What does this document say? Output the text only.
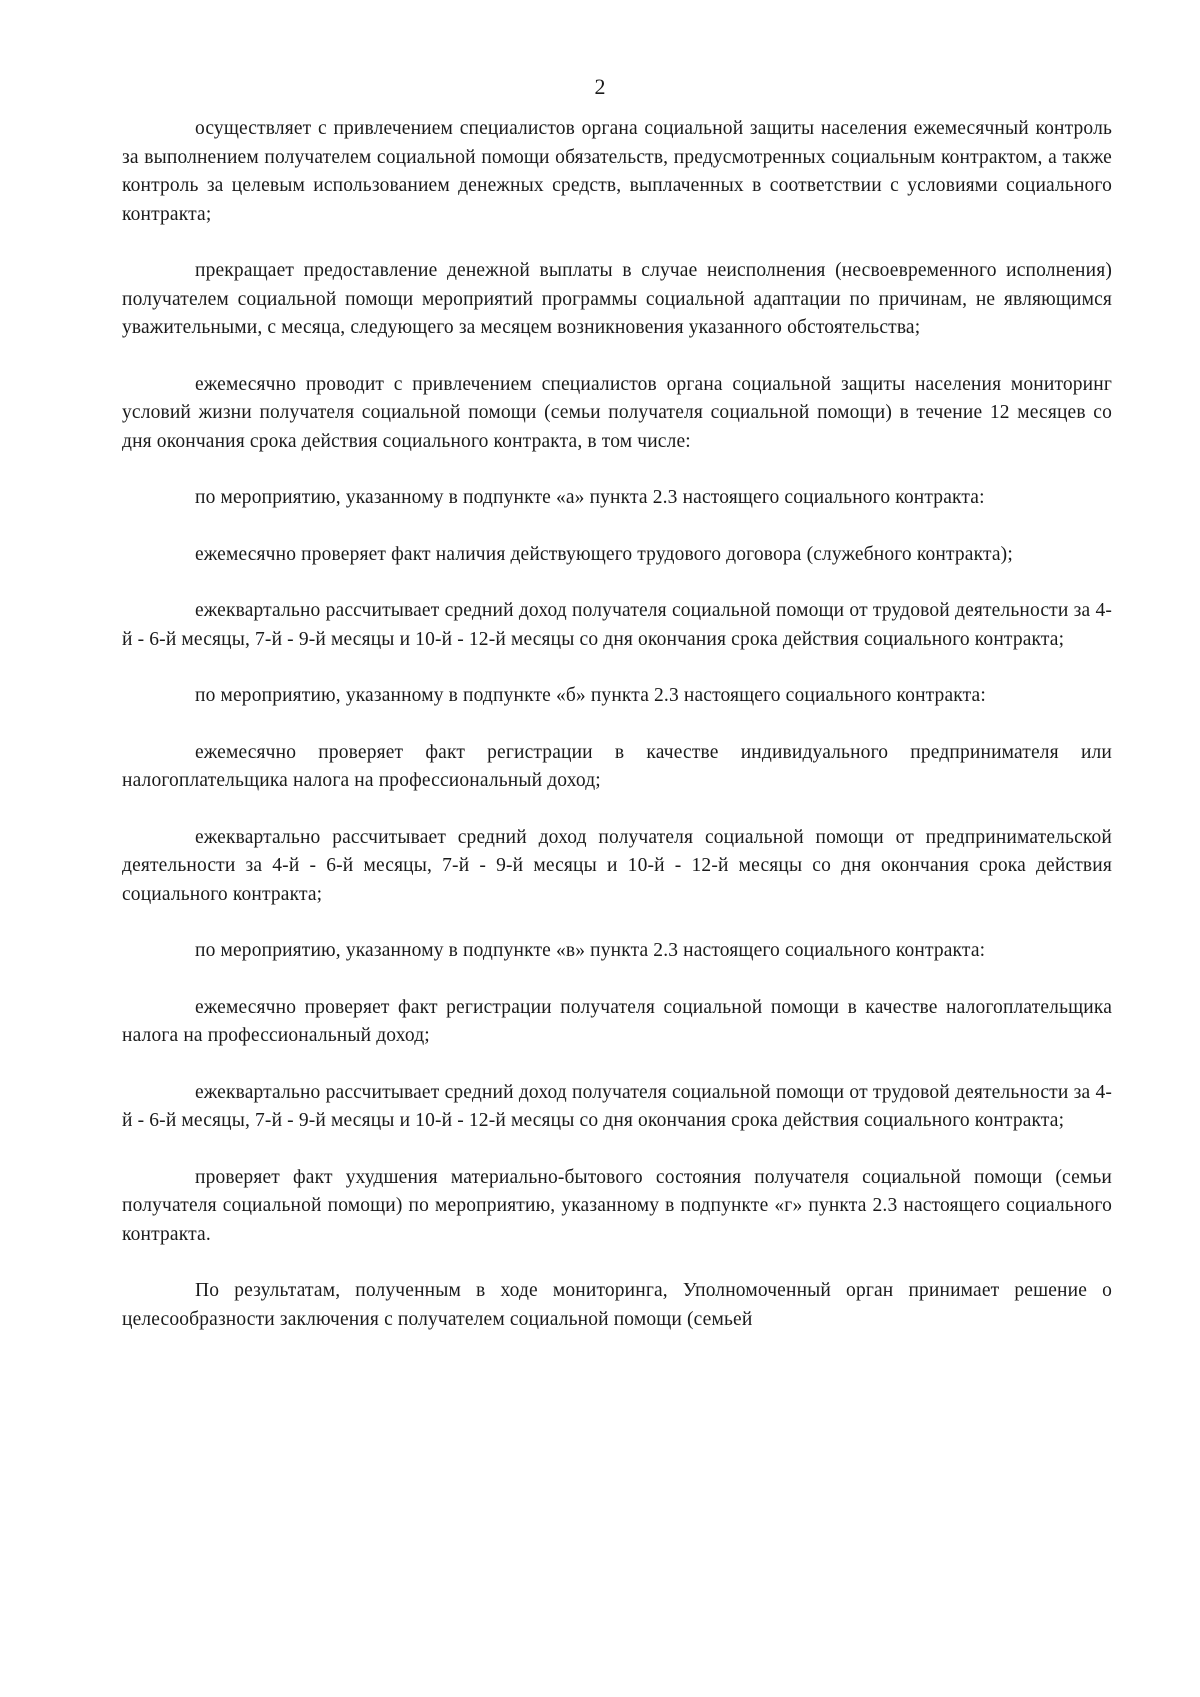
2

осуществляет с привлечением специалистов органа социальной защиты населения ежемесячный контроль за выполнением получателем социальной помощи обязательств, предусмотренных социальным контрактом, а также контроль за целевым использованием денежных средств, выплаченных в соответствии с условиями социального контракта;

прекращает предоставление денежной выплаты в случае неисполнения (несвоевременного исполнения) получателем социальной помощи мероприятий программы социальной адаптации по причинам, не являющимся уважительными, с месяца, следующего за месяцем возникновения указанного обстоятельства;

ежемесячно проводит с привлечением специалистов органа социальной защиты населения мониторинг условий жизни получателя социальной помощи (семьи получателя социальной помощи) в течение 12 месяцев со дня окончания срока действия социального контракта, в том числе:

по мероприятию, указанному в подпункте «а» пункта 2.3 настоящего социального контракта:

ежемесячно проверяет факт наличия действующего трудового договора (служебного контракта);

ежеквартально рассчитывает средний доход получателя социальной помощи от трудовой деятельности за 4-й - 6-й месяцы, 7-й - 9-й месяцы и 10-й - 12-й месяцы со дня окончания срока действия социального контракта;

по мероприятию, указанному в подпункте «б» пункта 2.3 настоящего социального контракта:

ежемесячно проверяет факт регистрации в качестве индивидуального предпринимателя или налогоплательщика налога на профессиональный доход;

ежеквартально рассчитывает средний доход получателя социальной помощи от предпринимательской деятельности за 4-й - 6-й месяцы, 7-й - 9-й месяцы и 10-й - 12-й месяцы со дня окончания срока действия социального контракта;

по мероприятию, указанному в подпункте «в» пункта 2.3 настоящего социального контракта:

ежемесячно проверяет факт регистрации получателя социальной помощи в качестве налогоплательщика налога на профессиональный доход;

ежеквартально рассчитывает средний доход получателя социальной помощи от трудовой деятельности за 4-й - 6-й месяцы, 7-й - 9-й месяцы и 10-й - 12-й месяцы со дня окончания срока действия социального контракта;

проверяет факт ухудшения материально-бытового состояния получателя социальной помощи (семьи получателя социальной помощи) по мероприятию, указанному в подпункте «г» пункта 2.3 настоящего социального контракта.

По результатам, полученным в ходе мониторинга, Уполномоченный орган принимает решение о целесообразности заключения с получателем социальной помощи (семьей
